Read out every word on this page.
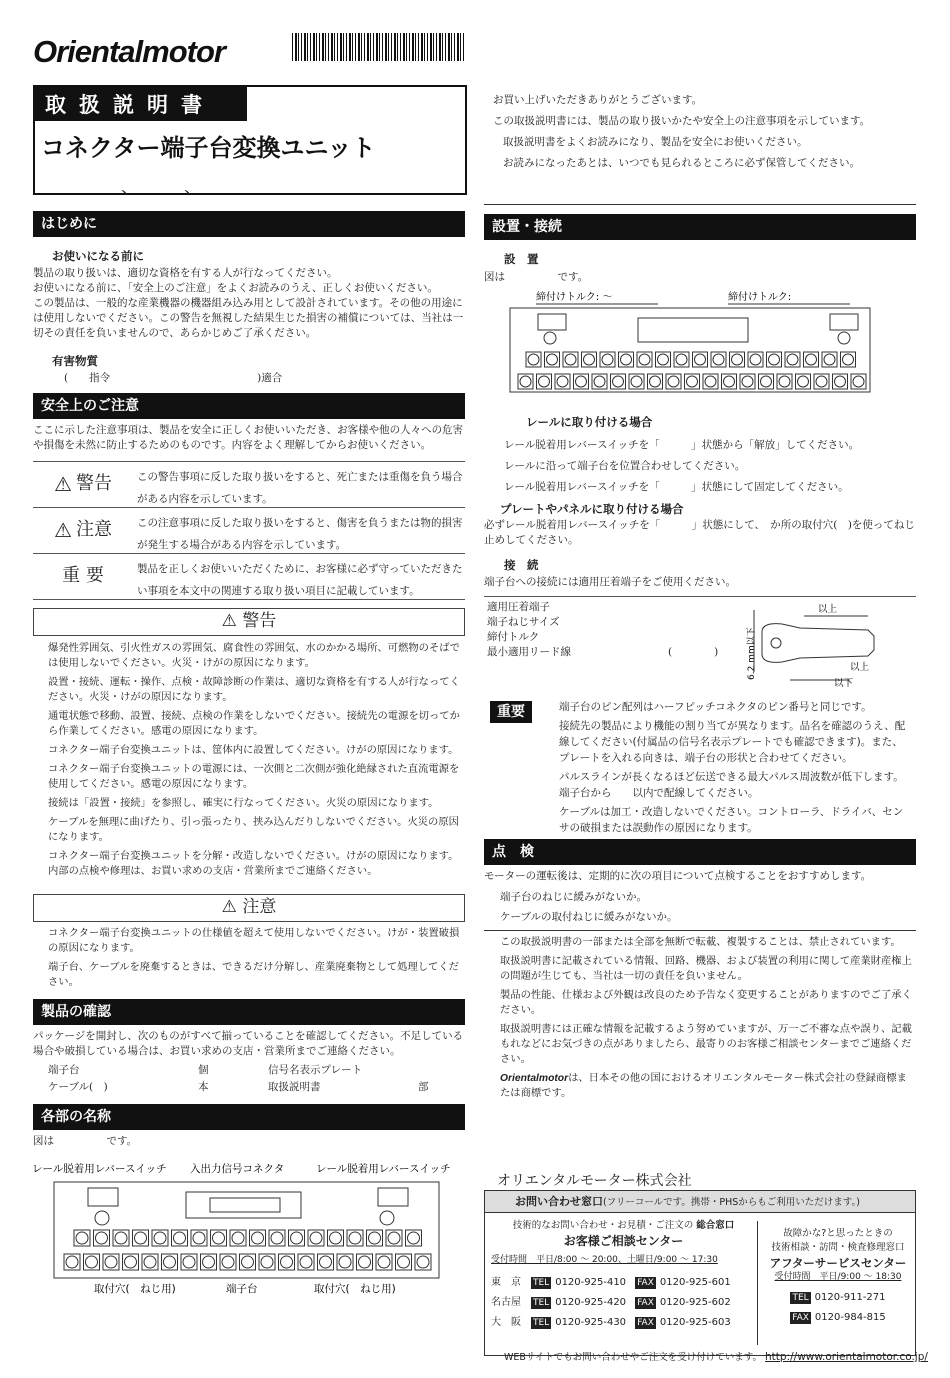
Orientalmotor
取扱説明書
コネクター端子台変換ユニット
、　　　、
お買い上げいただきありがとうございます。
この取扱説明書には、製品の取り扱いかたや安全上の注意事項を示しています。
取扱説明書をよくお読みになり、製品を安全にお使いください。
お読みになったあとは、いつでも見られるところに必ず保管してください。
はじめに
お使いになる前に
製品の取り扱いは、適切な資格を有する人が行なってください。
お使いになる前に、「安全上のご注意」をよくお読みのうえ、正しくお使いください。
この製品は、一般的な産業機器の機器組み込み用として設計されています。その他の用途には使用しないでください。この警告を無視した結果生じた損害の補償については、当社は一切その責任を負いませんので、あらかじめご了承ください。
有害物質
(　　指令　　　　　　　　　　　　　　)適合
安全上のご注意
ここに示した注意事項は、製品を安全に正しくお使いいただき、お客様や他の人々への危害や損傷を未然に防止するためのものです。内容をよく理解してからお使いください。
⚠ 警告	この警告事項に反した取り扱いをすると、死亡または重傷を負う場合がある内容を示しています。
⚠ 注意	この注意事項に反した取り扱いをすると、傷害を負うまたは物的損害が発生する場合がある内容を示しています。
重 要	製品を正しくお使いいただくために、お客様に必ず守っていただきたい事項を本文中の関連する取り扱い項目に記載しています。
⚠ 警告
爆発性雰囲気、引火性ガスの雰囲気、腐食性の雰囲気、水のかかる場所、可燃物のそばでは使用しないでください。火災・けがの原因になります。
設置・接続、運転・操作、点検・故障診断の作業は、適切な資格を有する人が行なってください。火災・けがの原因になります。
通電状態で移動、設置、接続、点検の作業をしないでください。接続先の電源を切ってから作業してください。感電の原因になります。
コネクター端子台変換ユニットは、筐体内に設置してください。けがの原因になります。
コネクター端子台変換ユニットの電源には、一次側と二次側が強化絶縁された直流電源を使用してください。感電の原因になります。
接続は「設置・接続」を参照し、確実に行なってください。火災の原因になります。
ケーブルを無理に曲げたり、引っ張ったり、挟み込んだりしないでください。火災の原因になります。
コネクター端子台変換ユニットを分解・改造しないでください。けがの原因になります。内部の点検や修理は、お買い求めの支店・営業所までご連絡ください。
⚠ 注意
コネクター端子台変換ユニットの仕様値を超えて使用しないでください。けが・装置破損の原因になります。
端子台、ケーブルを廃棄するときは、できるだけ分解し、産業廃棄物として処理してください。
製品の確認
パッケージを開封し、次のものがすべて揃っていることを確認してください。不足している場合や破損している場合は、お買い求めの支店・営業所までご連絡ください。
端子台	個	信号名表示プレート	
ケーブル(　)	本	取扱説明書	部
各部の名称
図は　　　　　です。
レール脱着用レバースイッチ 入出力信号コネクタ	レール脱着用レバースイッチ
取付穴(　ねじ用)	端子台	取付穴(　ねじ用)
設置・接続
設　置
図は　　　　　です。
締付けトルク: 〜	締付けトルク:
レールに取り付ける場合
レール脱着用レバースイッチを「　　　」状態から「解放」してください。
レールに沿って端子台を位置合わせしてください。
レール脱着用レバースイッチを「　　　」状態にして固定してください。
プレートやパネルに取り付ける場合
必ずレール脱着用レバースイッチを「　　　」状態にして、　か所の取付穴(　)を使ってねじ止めしてください。
接　続
端子台への接続には適用圧着端子をご使用ください。
適用圧着端子
端子ねじサイズ
締付トルク
最小適用リード線	(　　　　)	6.2 mm以下
以上
以上
以下
重要	端子台のピン配列はハーフピッチコネクタのピン番号と同じです。
接続先の製品により機能の割り当てが異なります。品名を確認のうえ、配線してください(付属品の信号名表示プレートでも確認できます)。また、プレートを入れる向きは、端子台の形状と合わせてください。
パルスラインが長くなるほど伝送できる最大パルス周波数が低下します。端子台から　　以内で配線してください。
ケーブルは加工・改造しないでください。コントローラ、ドライバ、センサの破損または誤動作の原因になります。
点　検
モーターの運転後は、定期的に次の項目について点検することをおすすめします。
端子台のねじに緩みがないか。
ケーブルの取付ねじに緩みがないか。
この取扱説明書の一部または全部を無断で転載、複製することは、禁止されています。
取扱説明書に記載されている情報、回路、機器、および装置の利用に関して産業財産権上の問題が生じても、当社は一切の責任を負いません。
製品の性能、仕様および外観は改良のため予告なく変更することがありますのでご了承ください。
取扱説明書には正確な情報を記載するよう努めていますが、万一ご不審な点や誤り、記載もれなどにお気づきの点がありましたら、最寄りのお客様ご相談センターまでご連絡ください。
Orientalmotorは、日本その他の国におけるオリエンタルモーター株式会社の登録商標または商標です。
オリエンタルモーター株式会社
お問い合わせ窓口(フリーコールです。携帯・PHSからもご利用いただけます。)
技術的なお問い合わせ・お見積・ご注文の 総合窓口
お客様ご相談センター
受付時間　平日/8:00 〜 20:00、土曜日/9:00 〜 17:30
東　京 TEL 0120-925-410 FAX 0120-925-601
名古屋 TEL 0120-925-420 FAX 0120-925-602
大　阪 TEL 0120-925-430 FAX 0120-925-603
故障かな?と思ったときの
技術相談・訪問・検査修理窓口
アフターサービスセンター
受付時間　平日/9:00 〜 18:30
TEL 0120-911-271
FAX 0120-984-815
WEBサイトでもお問い合わせやご注文を受け付けています。 http://www.orientalmotor.co.jp/
